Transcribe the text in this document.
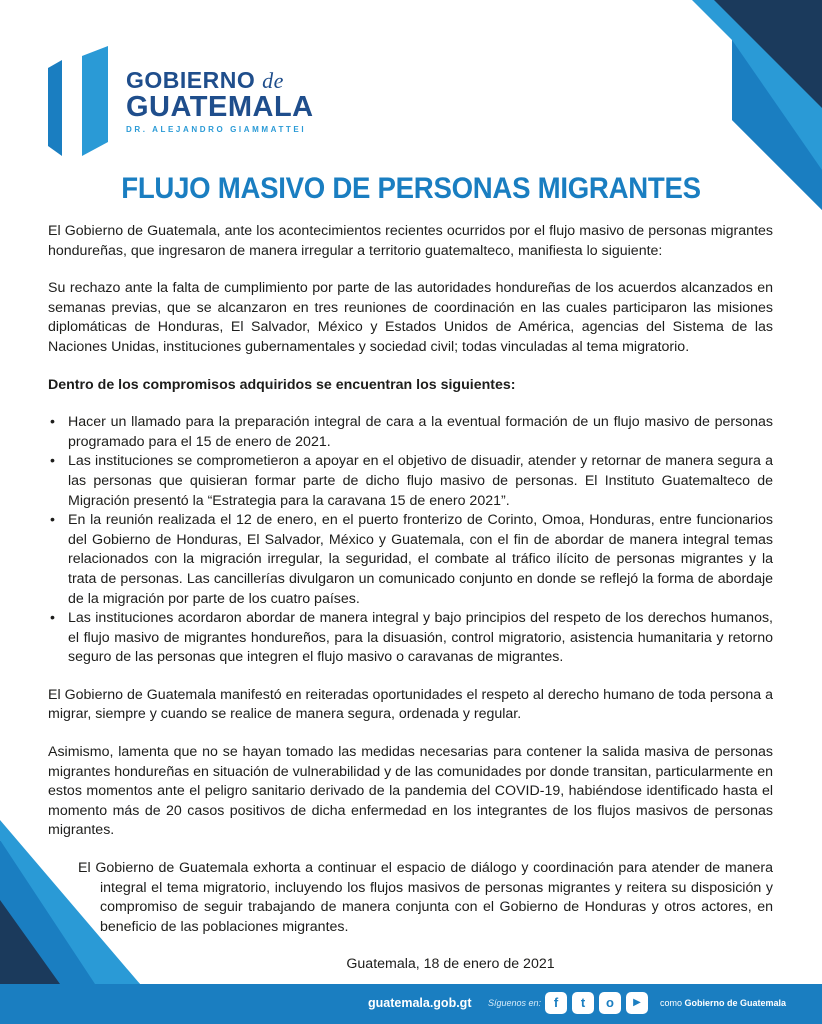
GOBIERNO de
GUATEMALA
DR. ALEJANDRO GIAMMATTEI
FLUJO MASIVO DE PERSONAS MIGRANTES

El Gobierno de Guatemala, ante los acontecimientos recientes ocurridos por el flujo masivo de personas migrantes hondureñas, que ingresaron de manera irregular a territorio guatemalteco, manifiesta lo siguiente:

Su rechazo ante la falta de cumplimiento por parte de las autoridades hondureñas de los acuerdos alcanzados en semanas previas, que se alcanzaron en tres reuniones de coordinación en las cuales participaron las misiones diplomáticas de Honduras, El Salvador, México y Estados Unidos de América, agencias del Sistema de las Naciones Unidas, instituciones gubernamentales y sociedad civil; todas vinculadas al tema migratorio.

Dentro de los compromisos adquiridos se encuentran los siguientes:

• Hacer un llamado para la preparación integral de cara a la eventual formación de un flujo masivo de personas programado para el 15 de enero de 2021.
• Las instituciones se comprometieron a apoyar en el objetivo de disuadir, atender y retornar de manera segura a las personas que quisieran formar parte de dicho flujo masivo de personas. El Instituto Guatemalteco de Migración presentó la “Estrategia para la caravana 15 de enero 2021”.
• En la reunión realizada el 12 de enero, en el puerto fronterizo de Corinto, Omoa, Honduras, entre funcionarios del Gobierno de Honduras, El Salvador, México y Guatemala, con el fin de abordar de manera integral temas relacionados con la migración irregular, la seguridad, el combate al tráfico ilícito de personas migrantes y la trata de personas. Las cancillerías divulgaron un comunicado conjunto en donde se reflejó la forma de abordaje de la migración por parte de los cuatro países.
• Las instituciones acordaron abordar de manera integral y bajo principios del respeto de los derechos humanos, el flujo masivo de migrantes hondureños, para la disuasión, control migratorio, asistencia humanitaria y retorno seguro de las personas que integren el flujo masivo o caravanas de migrantes.

El Gobierno de Guatemala manifestó en reiteradas oportunidades el respeto al derecho humano de toda persona a migrar, siempre y cuando se realice de manera segura, ordenada y regular.

Asimismo, lamenta que no se hayan tomado las medidas necesarias para contener la salida masiva de personas migrantes hondureñas en situación de vulnerabilidad y de las comunidades por donde transitan, particularmente en estos momentos ante el peligro sanitario derivado de la pandemia del COVID-19, habiéndose identificado hasta el momento más de 20 casos positivos de dicha enfermedad en los integrantes de los flujos masivos de personas migrantes.

El Gobierno de Guatemala exhorta a continuar el espacio de diálogo y coordinación para atender de manera integral el tema migratorio, incluyendo los flujos masivos de personas migrantes y reitera su disposición y compromiso de seguir trabajando de manera conjunta con el Gobierno de Honduras y otros actores, en beneficio de las poblaciones migrantes.

Guatemala, 18 de enero de 2021

guatemala.gob.gt Síguenos en: f	t	o	▶	como Gobierno de Guatemala
